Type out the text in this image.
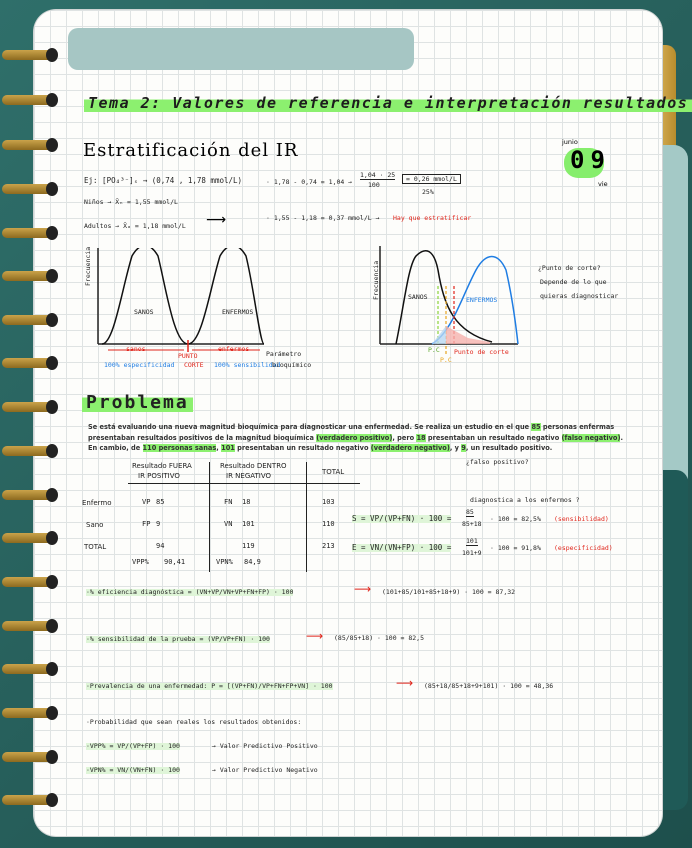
Tema 2: Valores de referencia e interpretación resultados
Estratificación del IR	junio
09
vie
Ej: [PO₄³⁻]ₛ → (0,74 , 1,78 mmol/L)	· 1,78 - 0,74 = 1,04 →
1,04 · 25
100
= 0,26 mmol/L
25%
Niños → X̄ₙ = 1,55 mmol/L
Adultos → X̄ₐ = 1,18 mmol/L ⟶	· 1,55 - 1,18 = 0,37 mmol/L → Hay que estratificar
Frecuencia
SANOS	ENFERMOS
sanos	enfermos
PUNTO
CORTE
100% especificidad	100% sensibilidad
Parámetro
bioquímico
Frecuencia	SANOS	ENFERMOS
P.C
P.C
Punto de corte
¿Punto de corte?
Depende de lo que
quieras diagnosticar
Problema
Se está evaluando una nueva magnitud bioquímica para diagnosticar una enfermedad. Se realiza un estudio en el que 85 personas enfermas presentaban resultados positivos de la magnitud bioquímica (verdadero positivo), pero 18 presentaban un resultado negativo (falso negativo). En cambio, de 110 personas sanas, 101 presentaban un resultado negativo (verdadero negativo), y 9, un resultado positivo.
¿falso positivo?
Resultado FUERA
IR POSITIVO
Resultado DENTRO
IR NEGATIVO	TOTAL
Enfermo	VP 85	FN 18	103
Sano	FP 9	VN 101	110
TOTAL	94	119	213
VPP% 90,41	VPN% 84,9
diagnostica a los enfermos ?
S = VP/(VP+FN) · 100 =
85
85+18
· 100 = 82,5% (sensibilidad)
E = VN/(VN+FP) · 100 =
101
101+9
· 100 = 91,8% (especificidad)
·% eficiencia diagnóstica = (VN+VP/VN+VP+FN+FP) · 100	⟶ (101+85/101+85+18+9) · 100 = 87,32
·% sensibilidad de la prueba = (VP/VP+FN) · 100	⟶ (85/85+18) · 100 = 82,5
·Prevalencia de una enfermedad: P = [(VP+FN)/VP+FN+FP+VN] · 100	⟶ (85+18/85+18+9+101) · 100 = 48,36
·Probabilidad que sean reales los resultados obtenidos:
·VPP% = VP/(VP+FP) · 100	→ Valor Predictivo Positivo
·VPN% = VN/(VN+FN) · 100	→ Valor Predictivo Negativo
